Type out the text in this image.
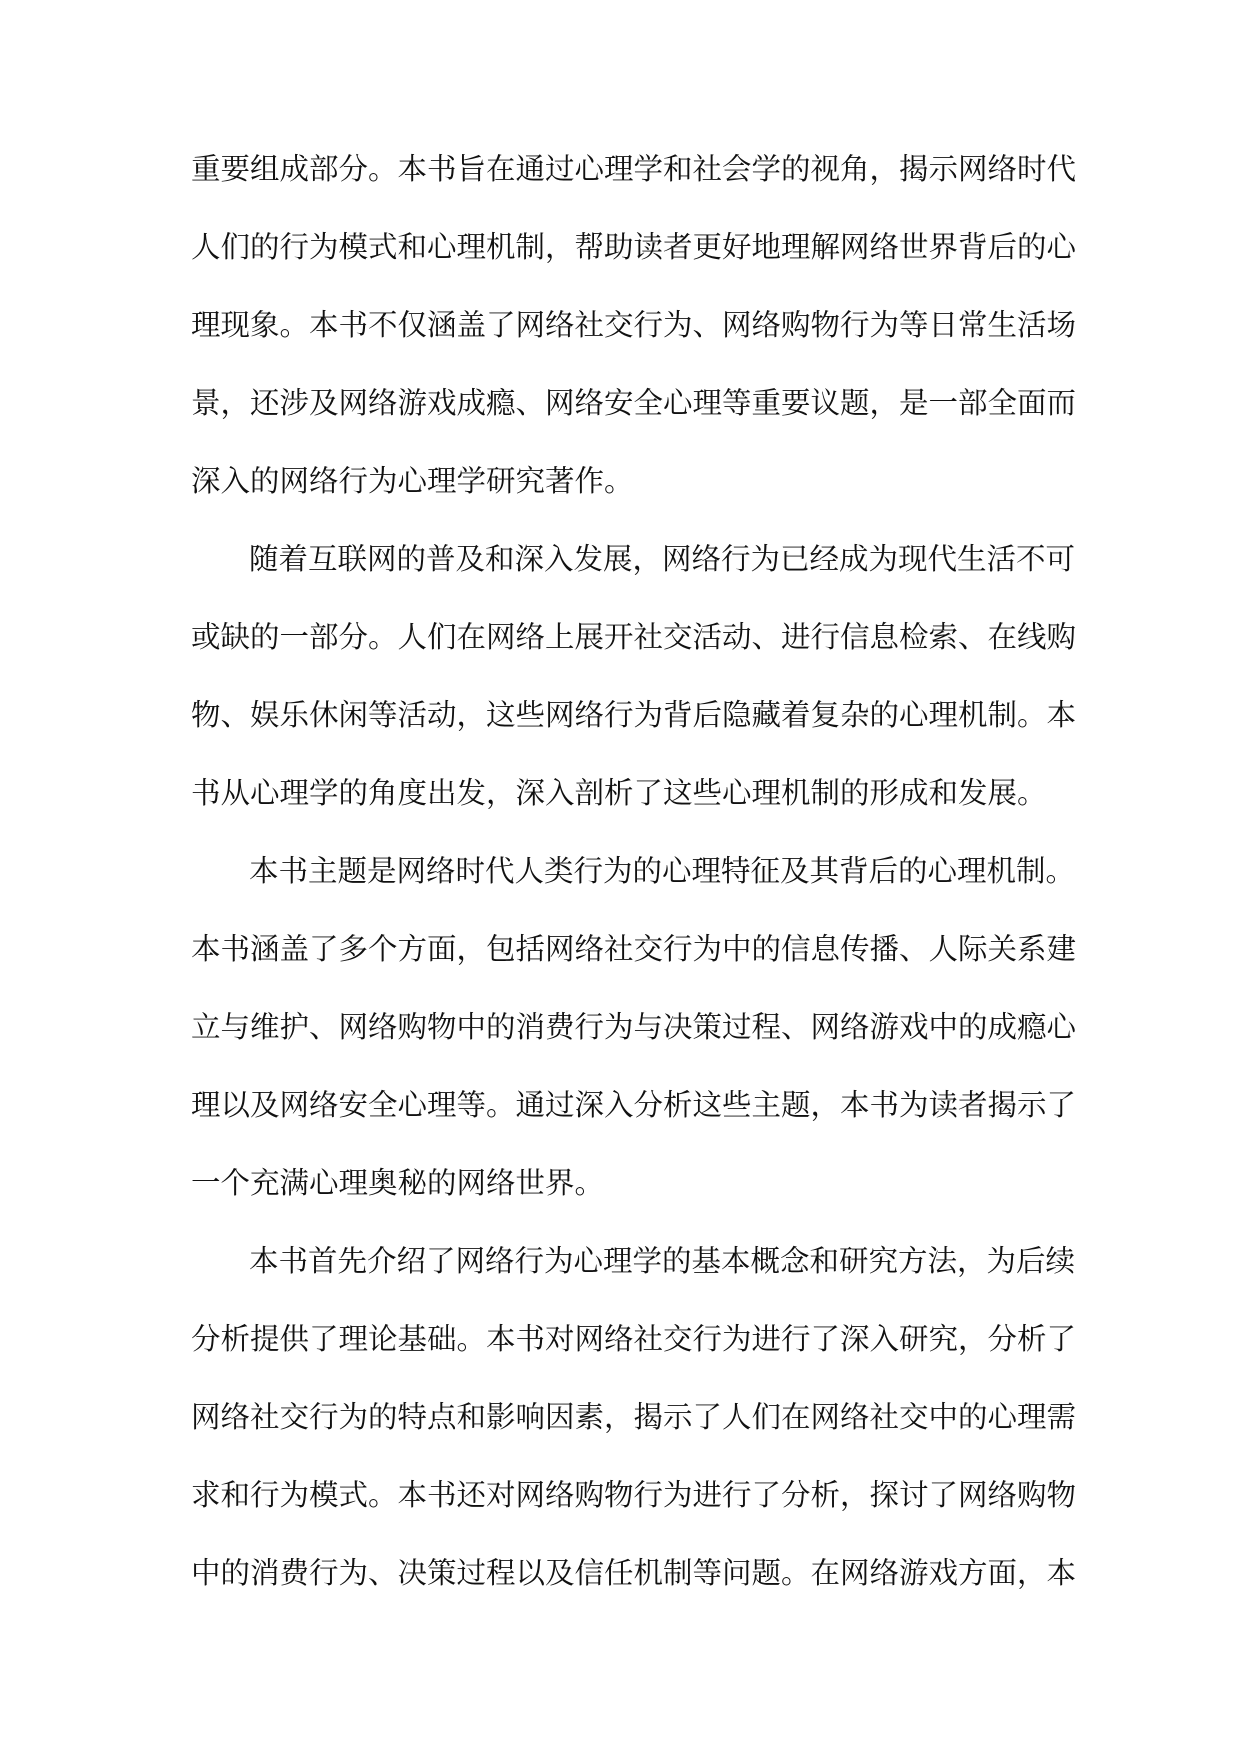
重要组成部分。本书旨在通过心理学和社会学的视角，揭示网络时代
人们的行为模式和心理机制，帮助读者更好地理解网络世界背后的心
理现象。本书不仅涵盖了网络社交行为、网络购物行为等日常生活场
景，还涉及网络游戏成瘾、网络安全心理等重要议题，是一部全面而
深入的网络行为心理学研究著作。
随着互联网的普及和深入发展，网络行为已经成为现代生活不可
或缺的一部分。人们在网络上展开社交活动、进行信息检索、在线购
物、娱乐休闲等活动，这些网络行为背后隐藏着复杂的心理机制。本
书从心理学的角度出发，深入剖析了这些心理机制的形成和发展。
本书主题是网络时代人类行为的心理特征及其背后的心理机制。
本书涵盖了多个方面，包括网络社交行为中的信息传播、人际关系建
立与维护、网络购物中的消费行为与决策过程、网络游戏中的成瘾心
理以及网络安全心理等。通过深入分析这些主题，本书为读者揭示了
一个充满心理奥秘的网络世界。
本书首先介绍了网络行为心理学的基本概念和研究方法，为后续
分析提供了理论基础。本书对网络社交行为进行了深入研究，分析了
网络社交行为的特点和影响因素，揭示了人们在网络社交中的心理需
求和行为模式。本书还对网络购物行为进行了分析，探讨了网络购物
中的消费行为、决策过程以及信任机制等问题。在网络游戏方面，本
